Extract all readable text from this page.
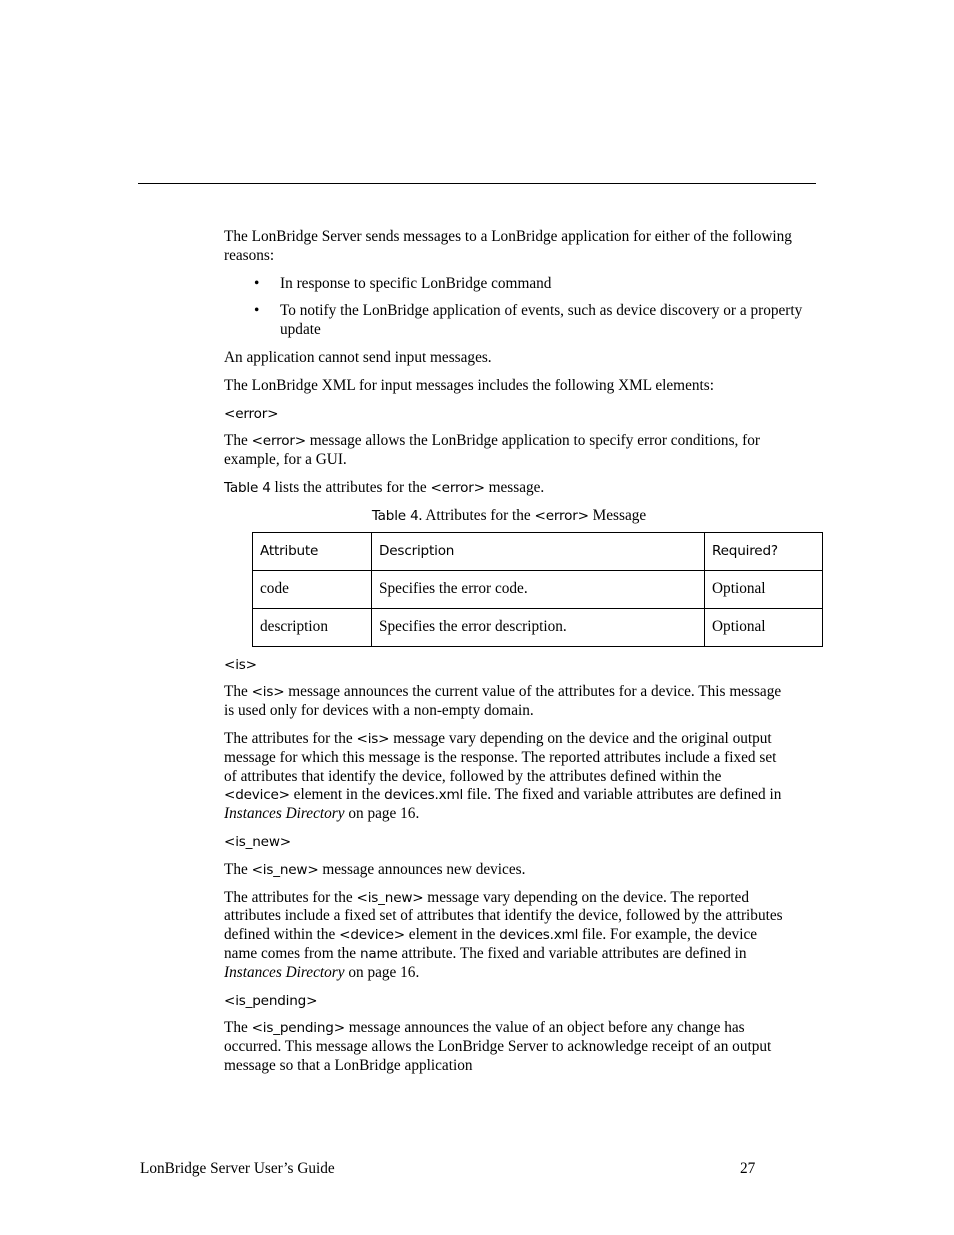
The LonBridge Server sends messages to a LonBridge application for either of the following reasons:

• In response to specific LonBridge command
• To notify the LonBridge application of events, such as device discovery or a property update

An application cannot send input messages.

The LonBridge XML for input messages includes the following XML elements:

<error>

The <error> message allows the LonBridge application to specify error conditions, for example, for a GUI.

Table 4 lists the attributes for the <error> message.

Table 4. Attributes for the <error> Message

Attribute	Description	Required?
code	Specifies the error code.	Optional
description	Specifies the error description.	Optional

<is>

The <is> message announces the current value of the attributes for a device. This message is used only for devices with a non-empty domain.

The attributes for the <is> message vary depending on the device and the original output message for which this message is the response. The reported attributes include a fixed set of attributes that identify the device, followed by the attributes defined within the <device> element in the devices.xml file. The fixed and variable attributes are defined in Instances Directory on page 16.

<is_new>

The <is_new> message announces new devices.

The attributes for the <is_new> message vary depending on the device. The reported attributes include a fixed set of attributes that identify the device, followed by the attributes defined within the <device> element in the devices.xml file. For example, the device name comes from the name attribute. The fixed and variable attributes are defined in Instances Directory on page 16.

<is_pending>

The <is_pending> message announces the value of an object before any change has occurred. This message allows the LonBridge Server to acknowledge receipt of an output message so that a LonBridge application

LonBridge Server User’s Guide	27
